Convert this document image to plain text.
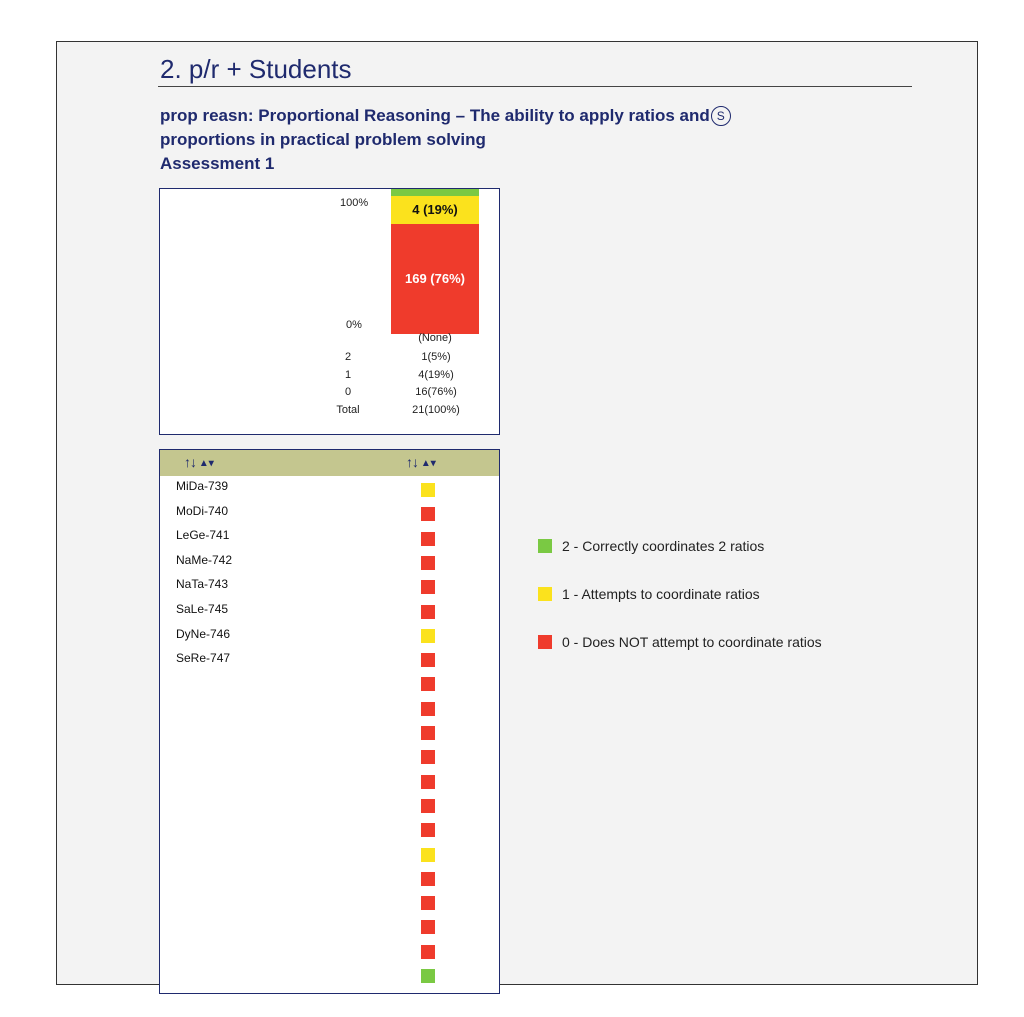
2. p/r + Students
prop reasn: Proportional Reasoning – The ability to apply ratios and S
proportions in practical problem solving
Assessment 1
100%
0%
4 (19%)
169 (76%)
(None)
2	1(5%)
1	4(19%)
0	16(76%)
Total	21(100%)
↑↓ ▲▾	↑↓ ▲▾
MiDa-739
MoDi-740
LeGe-741
NaMe-742
NaTa-743
SaLe-745
DyNe-746
SeRe-747
2 - Correctly coordinates 2 ratios
1 - Attempts to coordinate ratios
0 - Does NOT attempt to coordinate ratios
